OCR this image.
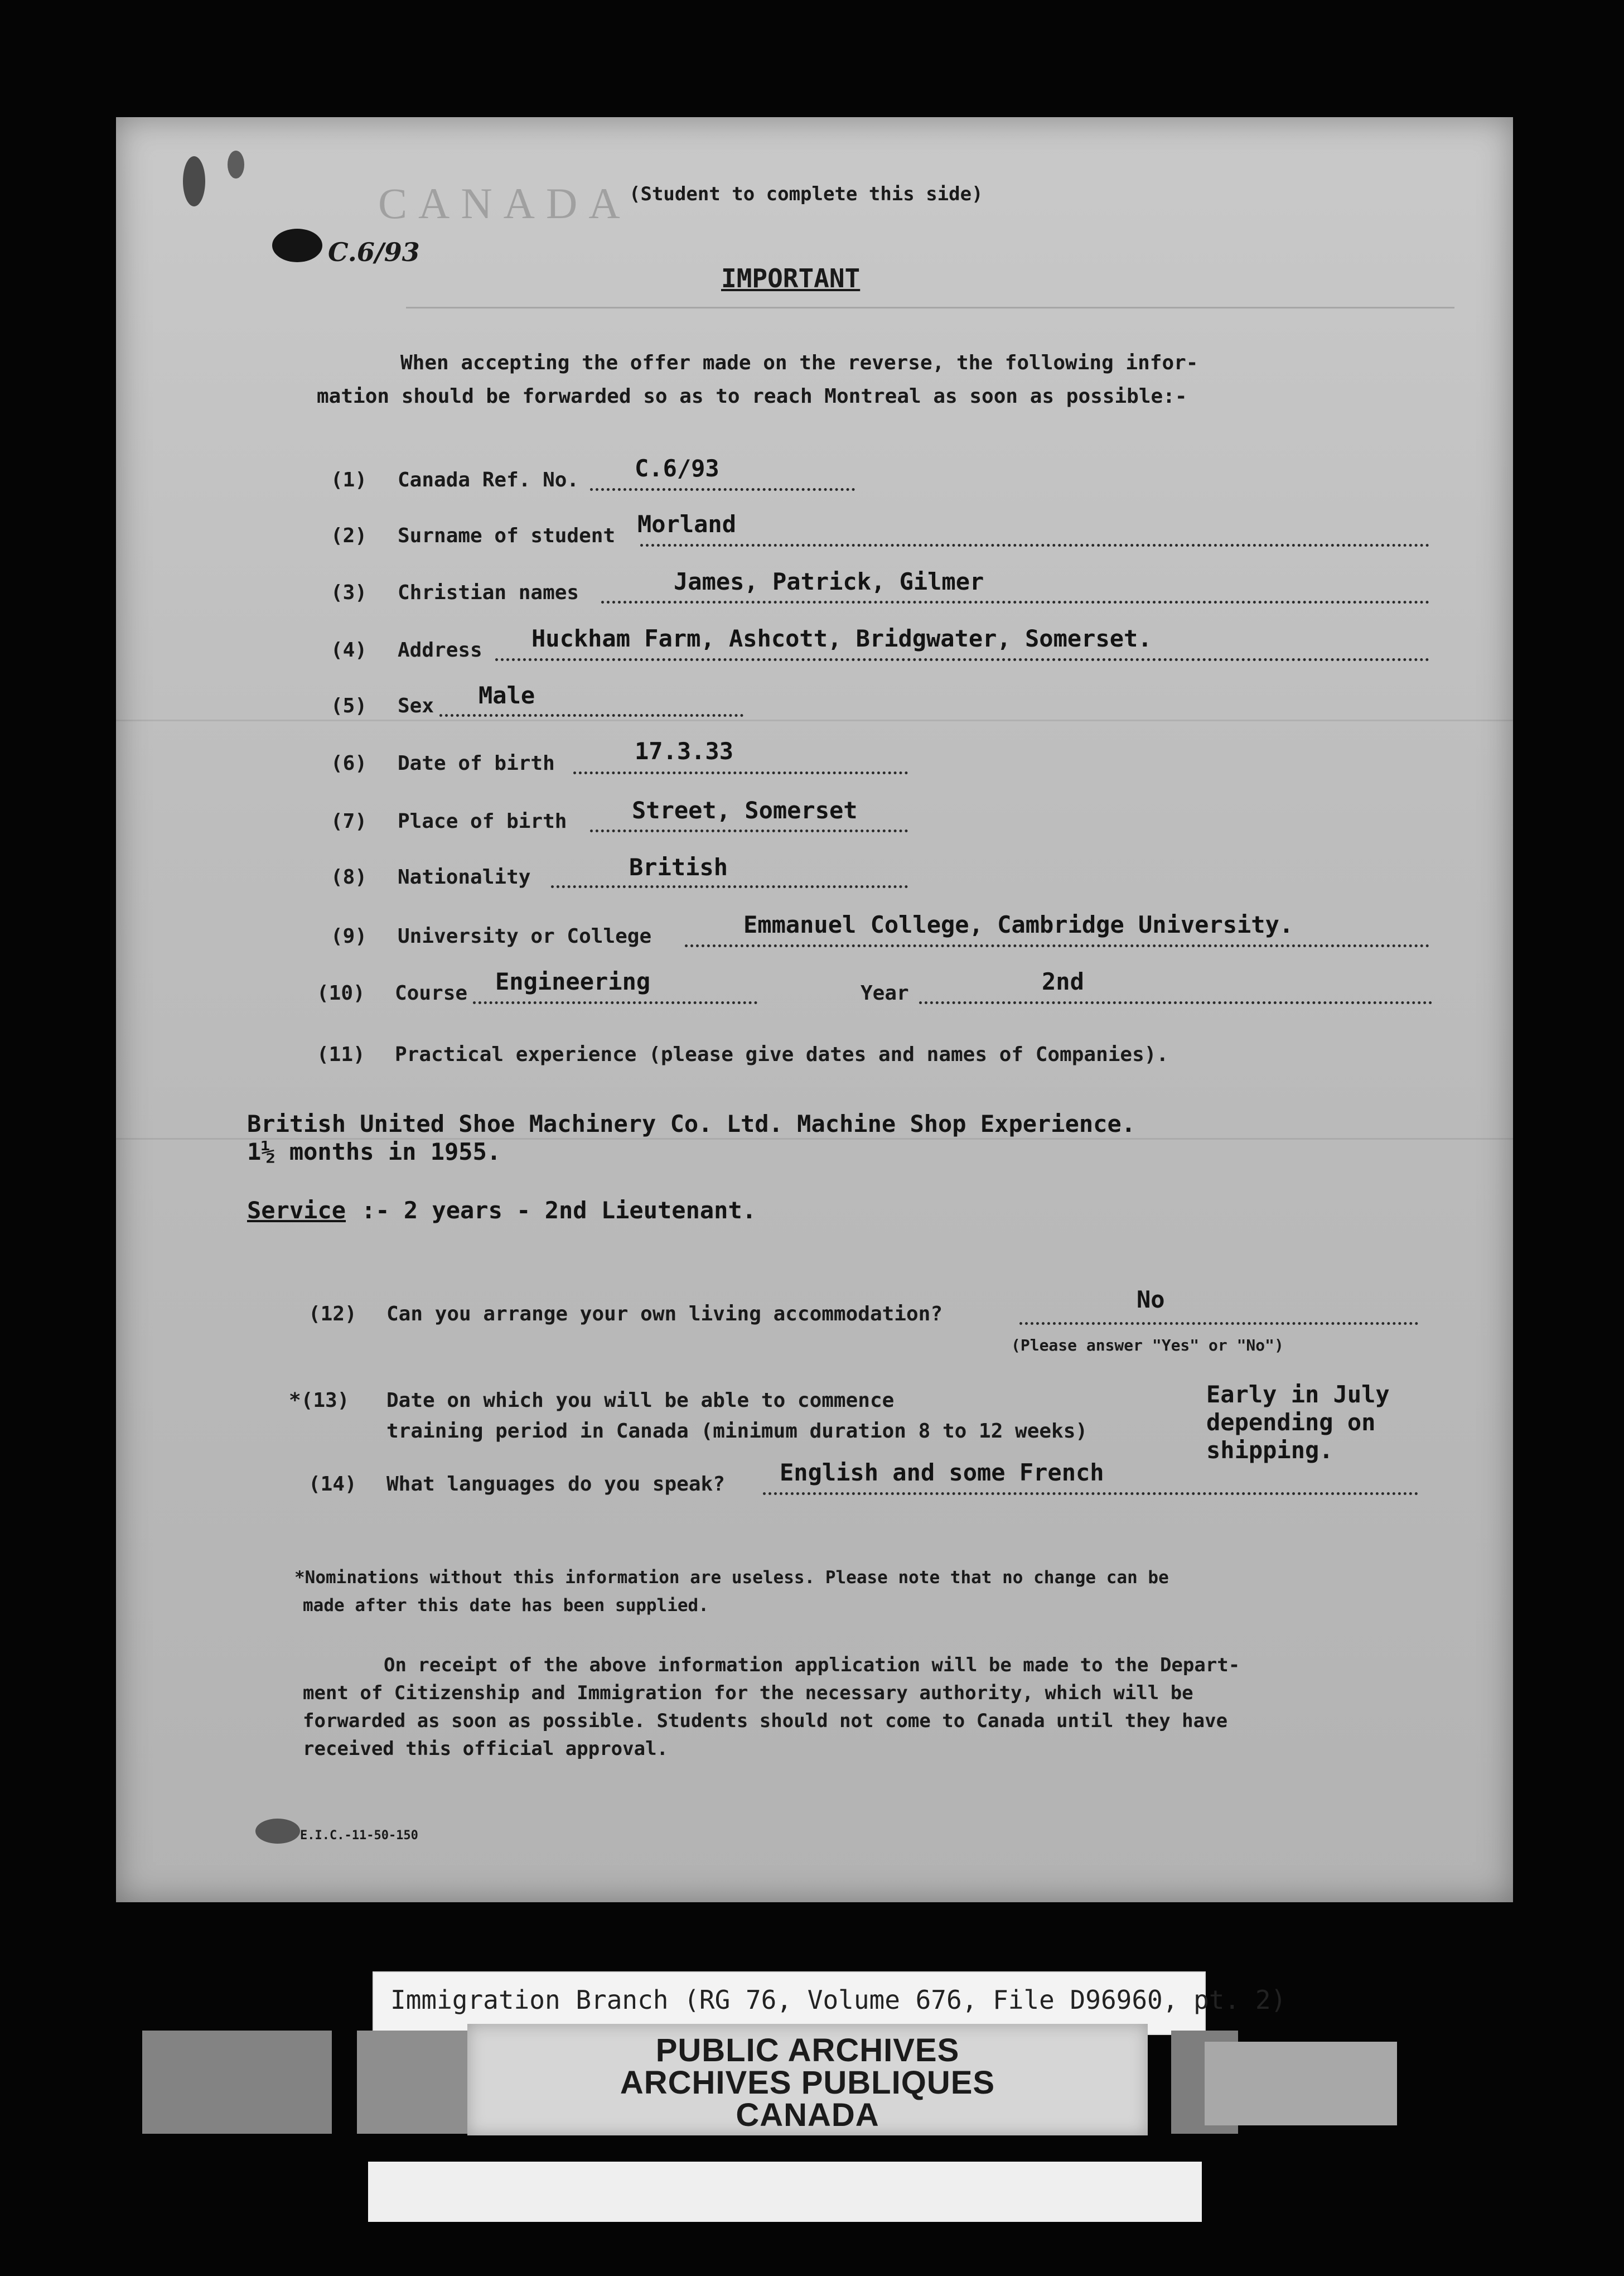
CANADA
C.6/93
(Student to complete this side)
IMPORTANT
When accepting the offer made on the reverse, the following infor-
mation should be forwarded so as to reach Montreal as soon as possible:-
(1) Canada Ref. No. C.6/93
(2) Surname of student Morland
(3) Christian names	James, Patrick, Gilmer
(4) Address Huckham Farm, Ashcott, Bridgwater, Somerset.
(5) Sex Male
(6) Date of birth	17.3.33
(7) Place of birth	Street, Somerset
(8) Nationality	British
(9) University or College	Emmanuel College, Cambridge University.
(10) Course Engineering	Year	2nd
(11) Practical experience (please give dates and names of Companies).
British United Shoe Machinery Co. Ltd. Machine Shop Experience.
1½ months in 1955.
Service :- 2 years - 2nd Lieutenant.
(12) Can you arrange your own living accommodation?
No
(Please answer "Yes" or "No")
*(13) Date on which you will be able to commence
training period in Canada (minimum duration 8 to 12 weeks)
Early in July
depending on
shipping.
(14) What languages do you speak? English and some French
*Nominations without this information are useless. Please note that no change can be
made after this date has been supplied.
On receipt of the above information application will be made to the Depart-
ment of Citizenship and Immigration for the necessary authority, which will be
forwarded as soon as possible. Students should not come to Canada until they have
received this official approval.
E.I.C.-11-50-150
Immigration Branch (RG 76, Volume 676, File D96960, pt. 2)
PUBLIC ARCHIVES
ARCHIVES PUBLIQUES
CANADA
